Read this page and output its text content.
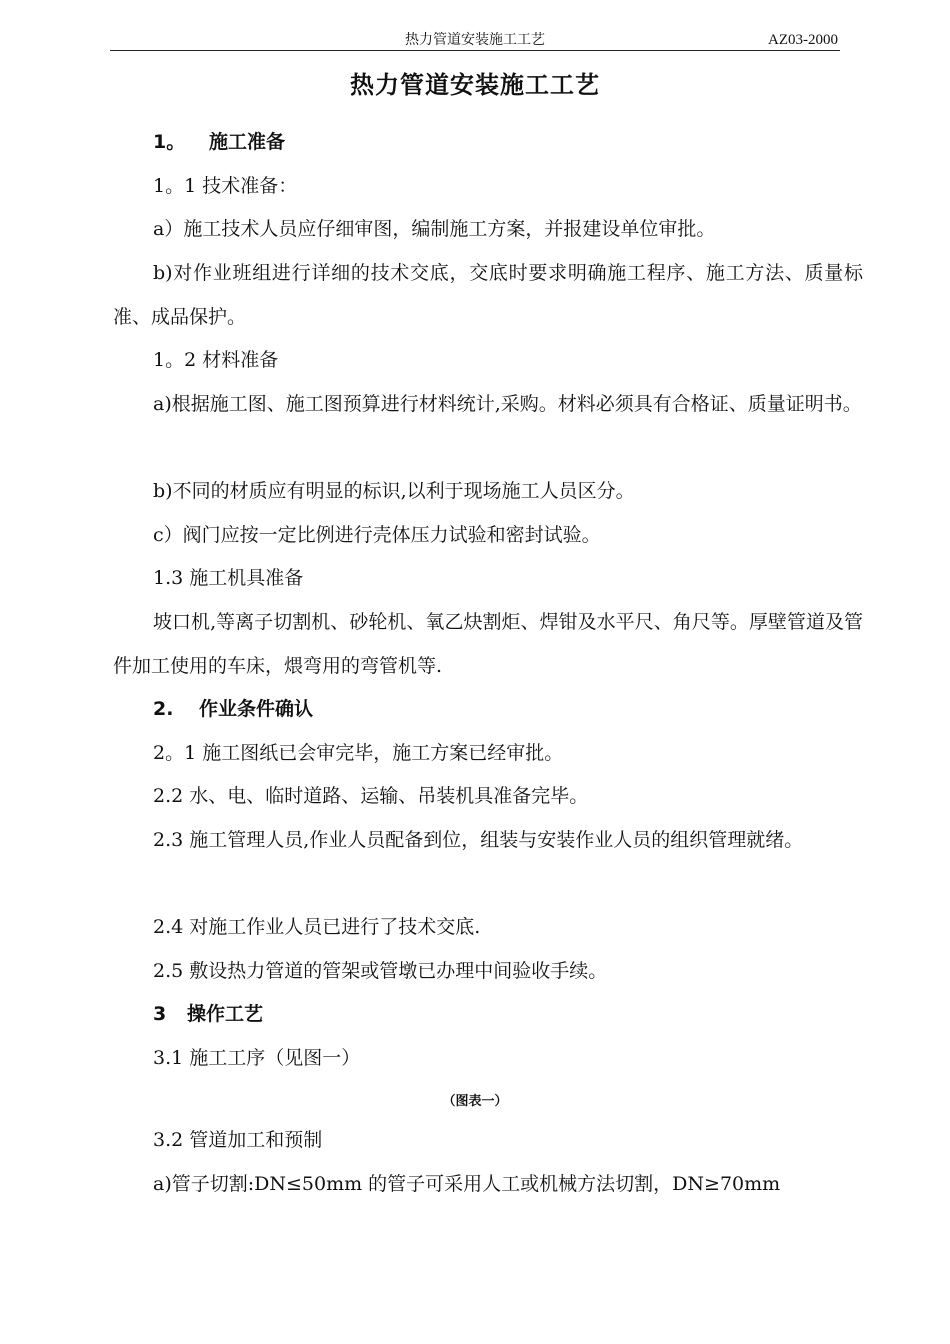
热力管道安装施工工艺	AZ03-2000
热力管道安装施工工艺
1。 施工准备
1。1 技术准备：
a）施工技术人员应仔细审图，编制施工方案，并报建设单位审批。
b)对作业班组进行详细的技术交底，交底时要求明确施工程序、施工方法、质量标准、成品保护。
1。2 材料准备
a)根据施工图、施工图预算进行材料统计,采购。材料必须具有合格证、质量证明书。
b)不同的材质应有明显的标识,以利于现场施工人员区分。
c）阀门应按一定比例进行壳体压力试验和密封试验。
1.3 施工机具准备
坡口机,等离子切割机、砂轮机、氧乙炔割炬、焊钳及水平尺、角尺等。厚壁管道及管件加工使用的车床，煨弯用的弯管机等.
2. 作业条件确认
2。1 施工图纸已会审完毕，施工方案已经审批。
2.2 水、电、临时道路、运输、吊装机具准备完毕。
2.3 施工管理人员,作业人员配备到位，组装与安装作业人员的组织管理就绪。
2.4 对施工作业人员已进行了技术交底.
2.5 敷设热力管道的管架或管墩已办理中间验收手续。
3 操作工艺
3.1 施工工序（见图一）
（图表一）
3.2 管道加工和预制
a)管子切割:DN≤50mm 的管子可采用人工或机械方法切割，DN≥70mm
